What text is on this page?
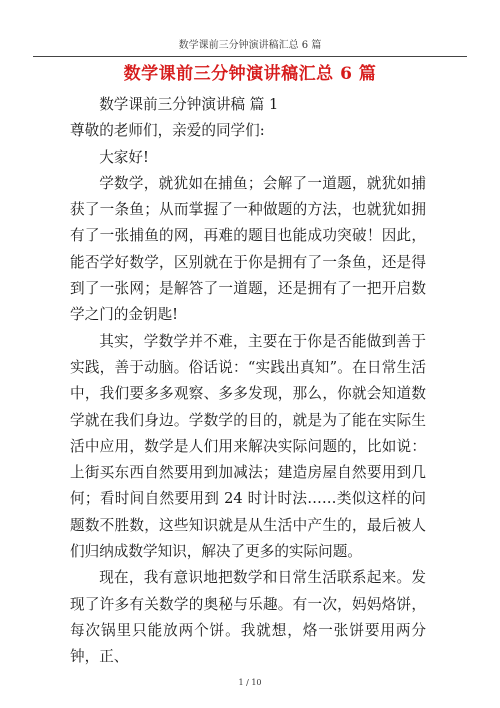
数学课前三分钟演讲稿汇总 6 篇
数学课前三分钟演讲稿汇总 6 篇

数学课前三分钟演讲稿 篇 1

尊敬的老师们，亲爱的同学们:

大家好!

学数学，就犹如在捕鱼；会解了一道题，就犹如捕获了一条鱼；从而掌握了一种做题的方法，也就犹如拥有了一张捕鱼的网，再难的题目也能成功突破！因此，能否学好数学，区别就在于你是拥有了一条鱼，还是得到了一张网；是解答了一道题，还是拥有了一把开启数学之门的金钥匙!

其实，学数学并不难，主要在于你是否能做到善于实践，善于动脑。俗话说：“实践出真知”。在日常生活中，我们要多多观察、多多发现，那么，你就会知道数学就在我们身边。学数学的目的，就是为了能在实际生活中应用，数学是人们用来解决实际问题的，比如说：上街买东西自然要用到加减法；建造房屋自然要用到几何；看时间自然要用到 24 时计时法……类似这样的问题数不胜数，这些知识就是从生活中产生的，最后被人们归纳成数学知识，解决了更多的实际问题。

现在，我有意识地把数学和日常生活联系起来。发现了许多有关数学的奥秘与乐趣。有一次，妈妈烙饼，每次锅里只能放两个饼。我就想，烙一张饼要用两分钟，正、

1 / 10
